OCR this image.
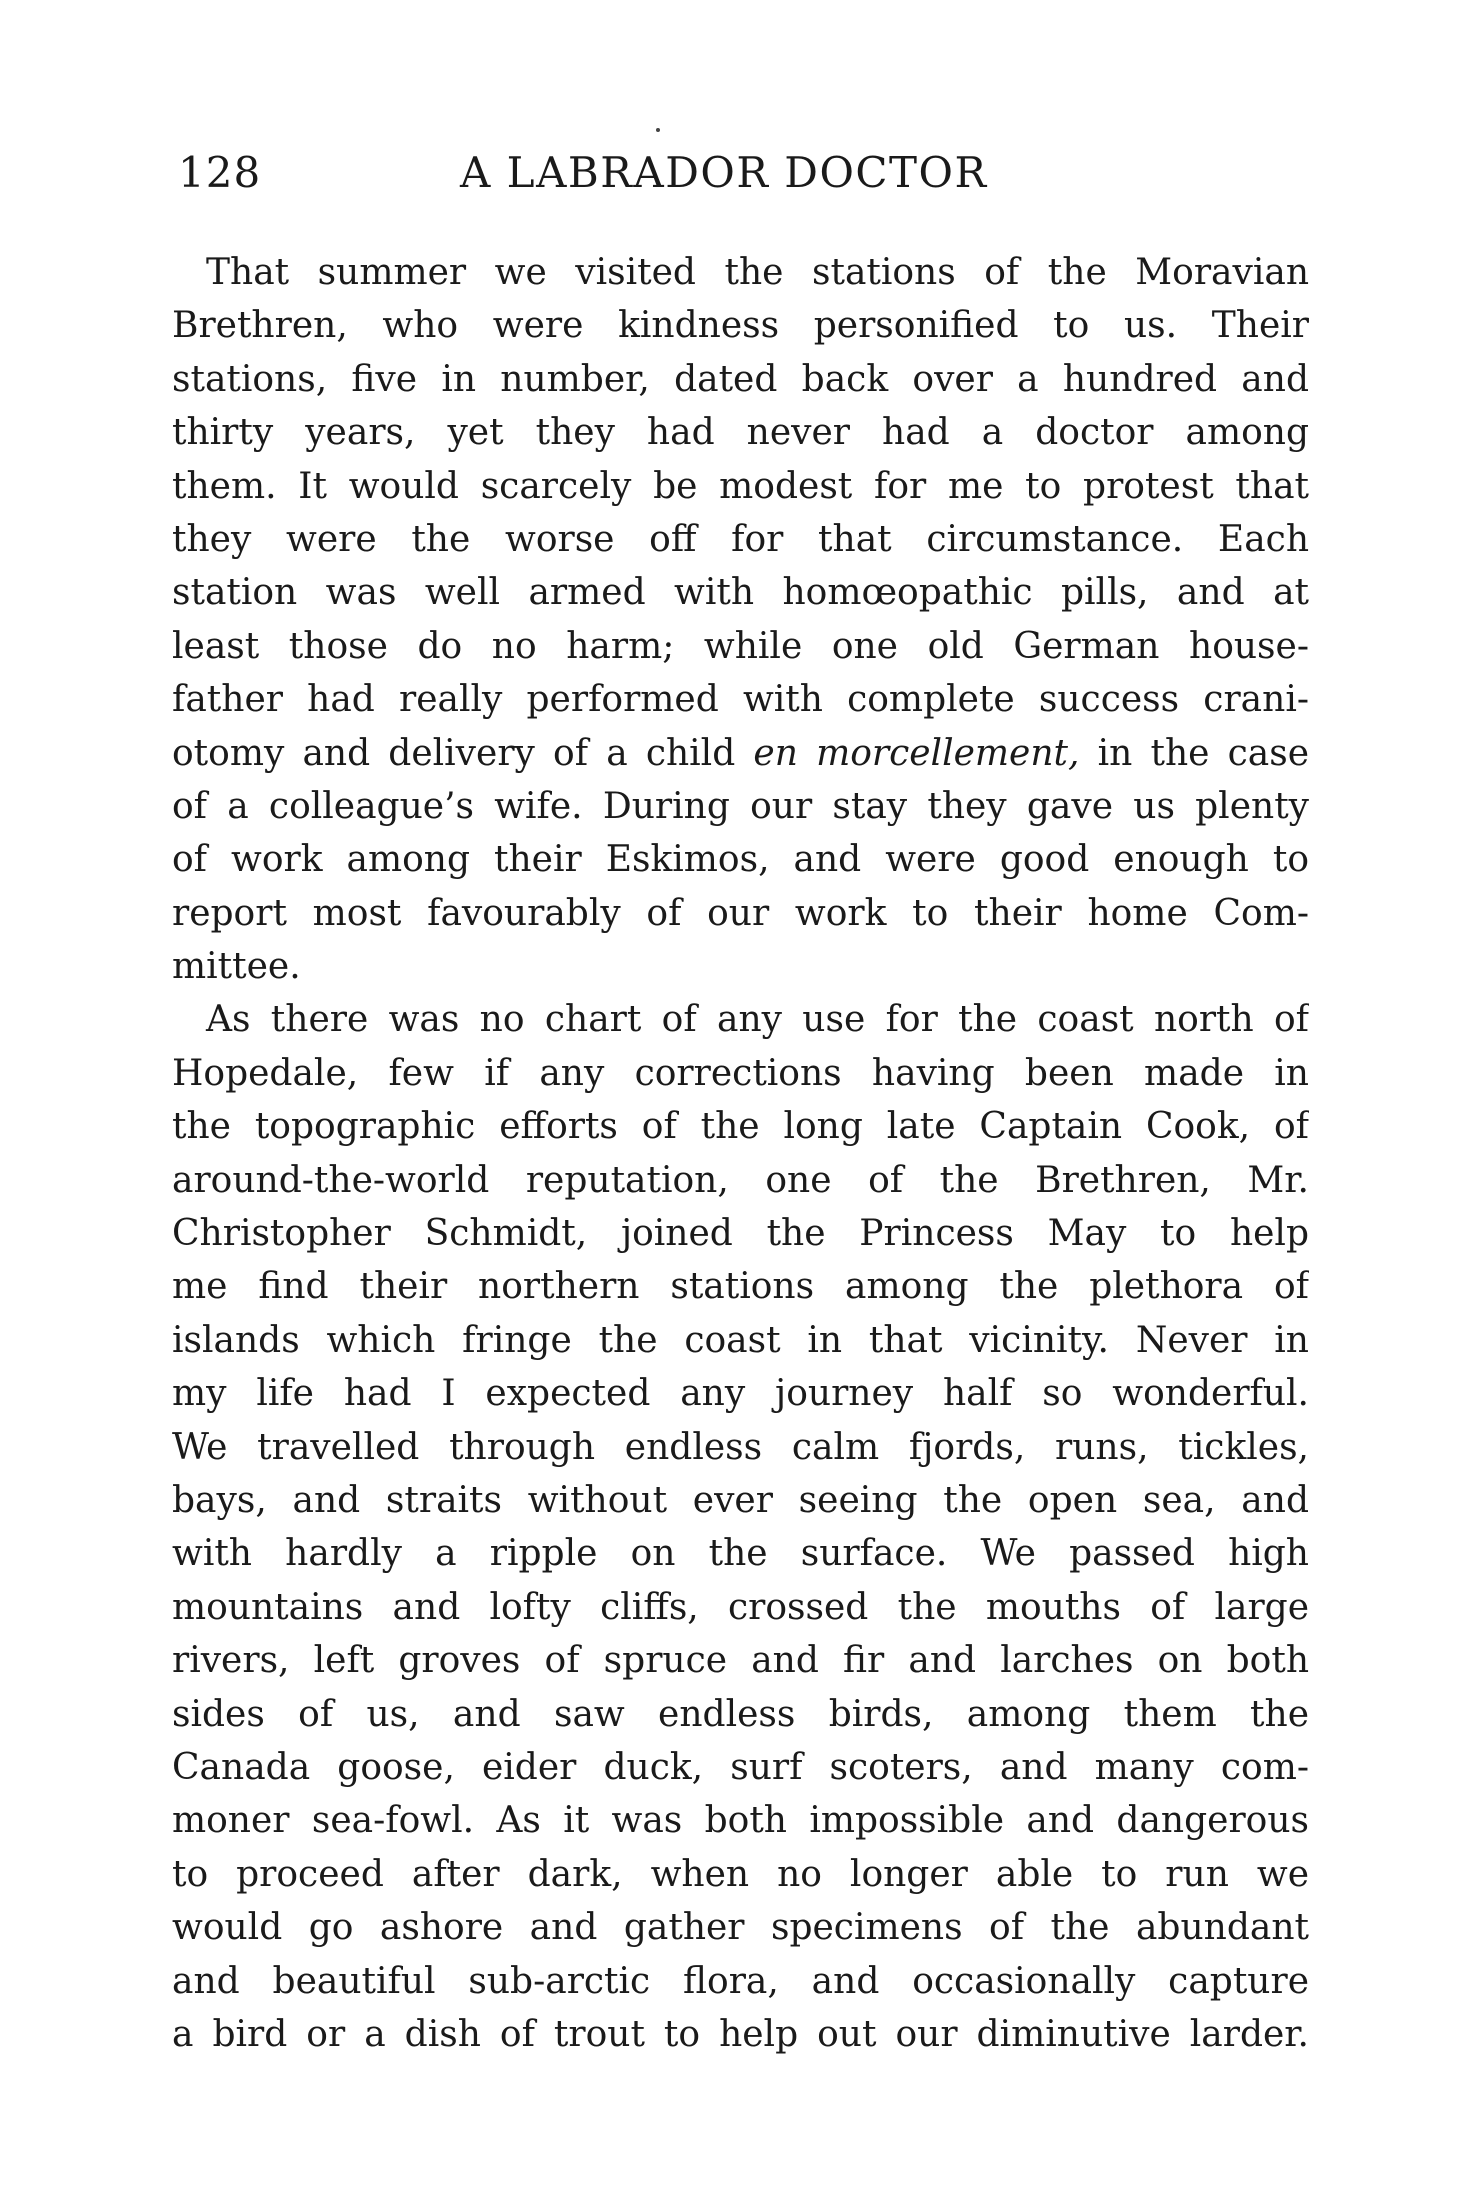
128	A LABRADOR DOCTOR
That summer we visited the stations of the Moravian
Brethren, who were kindness personified to us. Their
stations, five in number, dated back over a hundred and
thirty years, yet they had never had a doctor among
them. It would scarcely be modest for me to protest that
they were the worse off for that circumstance. Each
station was well armed with homœopathic pills, and at
least those do no harm; while one old German house-
father had really performed with complete success crani-
otomy and delivery of a child en morcellement, in the case
of a colleague’s wife. During our stay they gave us plenty
of work among their Eskimos, and were good enough to
report most favourably of our work to their home Com-
mittee.
As there was no chart of any use for the coast north of
Hopedale, few if any corrections having been made in
the topographic efforts of the long late Captain Cook, of
around-the-world reputation, one of the Brethren, Mr.
Christopher Schmidt, joined the Princess May to help
me find their northern stations among the plethora of
islands which fringe the coast in that vicinity. Never in
my life had I expected any journey half so wonderful.
We travelled through endless calm fjords, runs, tickles,
bays, and straits without ever seeing the open sea, and
with hardly a ripple on the surface. We passed high
mountains and lofty cliffs, crossed the mouths of large
rivers, left groves of spruce and fir and larches on both
sides of us, and saw endless birds, among them the
Canada goose, eider duck, surf scoters, and many com-
moner sea-fowl. As it was both impossible and dangerous
to proceed after dark, when no longer able to run we
would go ashore and gather specimens of the abundant
and beautiful sub-arctic flora, and occasionally capture
a bird or a dish of trout to help out our diminutive larder.
